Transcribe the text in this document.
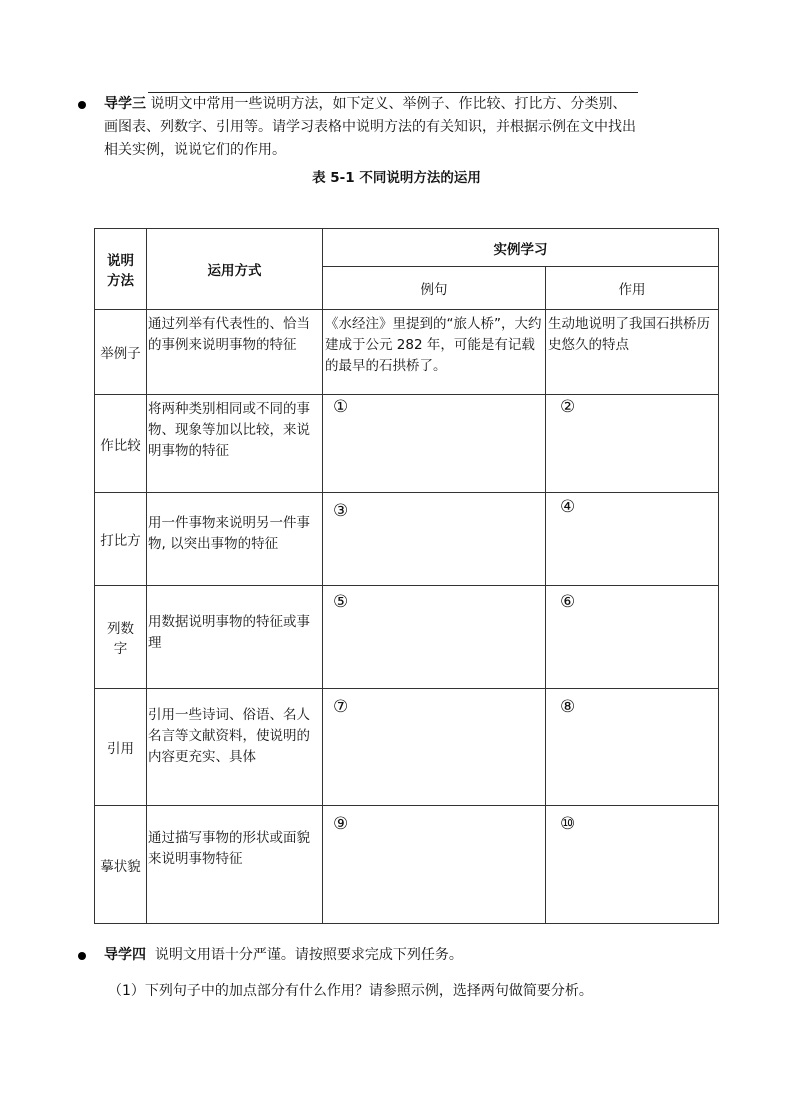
导学三 说明文中常用一些说明方法，如下定义、举例子、作比较、打比方、分类别、
画图表、列数字、引用等。请学习表格中说明方法的有关知识，并根据示例在文中找出
相关实例，说说它们的作用。
表 5-1 不同说明方法的运用
说明方法	运用方式	实例学习	
		例句	作用
举例子	通过列举有代表性的、恰当的事例来说明事物的特征	《水经注》里提到的“旅人桥”，大约建成于公元 282 年，可能是有记载的最早的石拱桥了。	生动地说明了我国石拱桥历史悠久的特点
作比较	将两种类别相同或不同的事物、现象等加以比较，来说明事物的特征	①	②
打比方	用一件事物来说明另一件事物, 以突出事物的特征	③	④
列数字	用数据说明事物的特征或事理	⑤	⑥
引用	引用一些诗词、俗语、名人名言等文献资料，使说明的内容更充实、具体	⑦	⑧
摹状貌	通过描写事物的形状或面貌来说明事物特征	⑨	⑩
导学四 说明文用语十分严谨。请按照要求完成下列任务。
（1）下列句子中的加点部分有什么作用？请参照示例，选择两句做简要分析。
